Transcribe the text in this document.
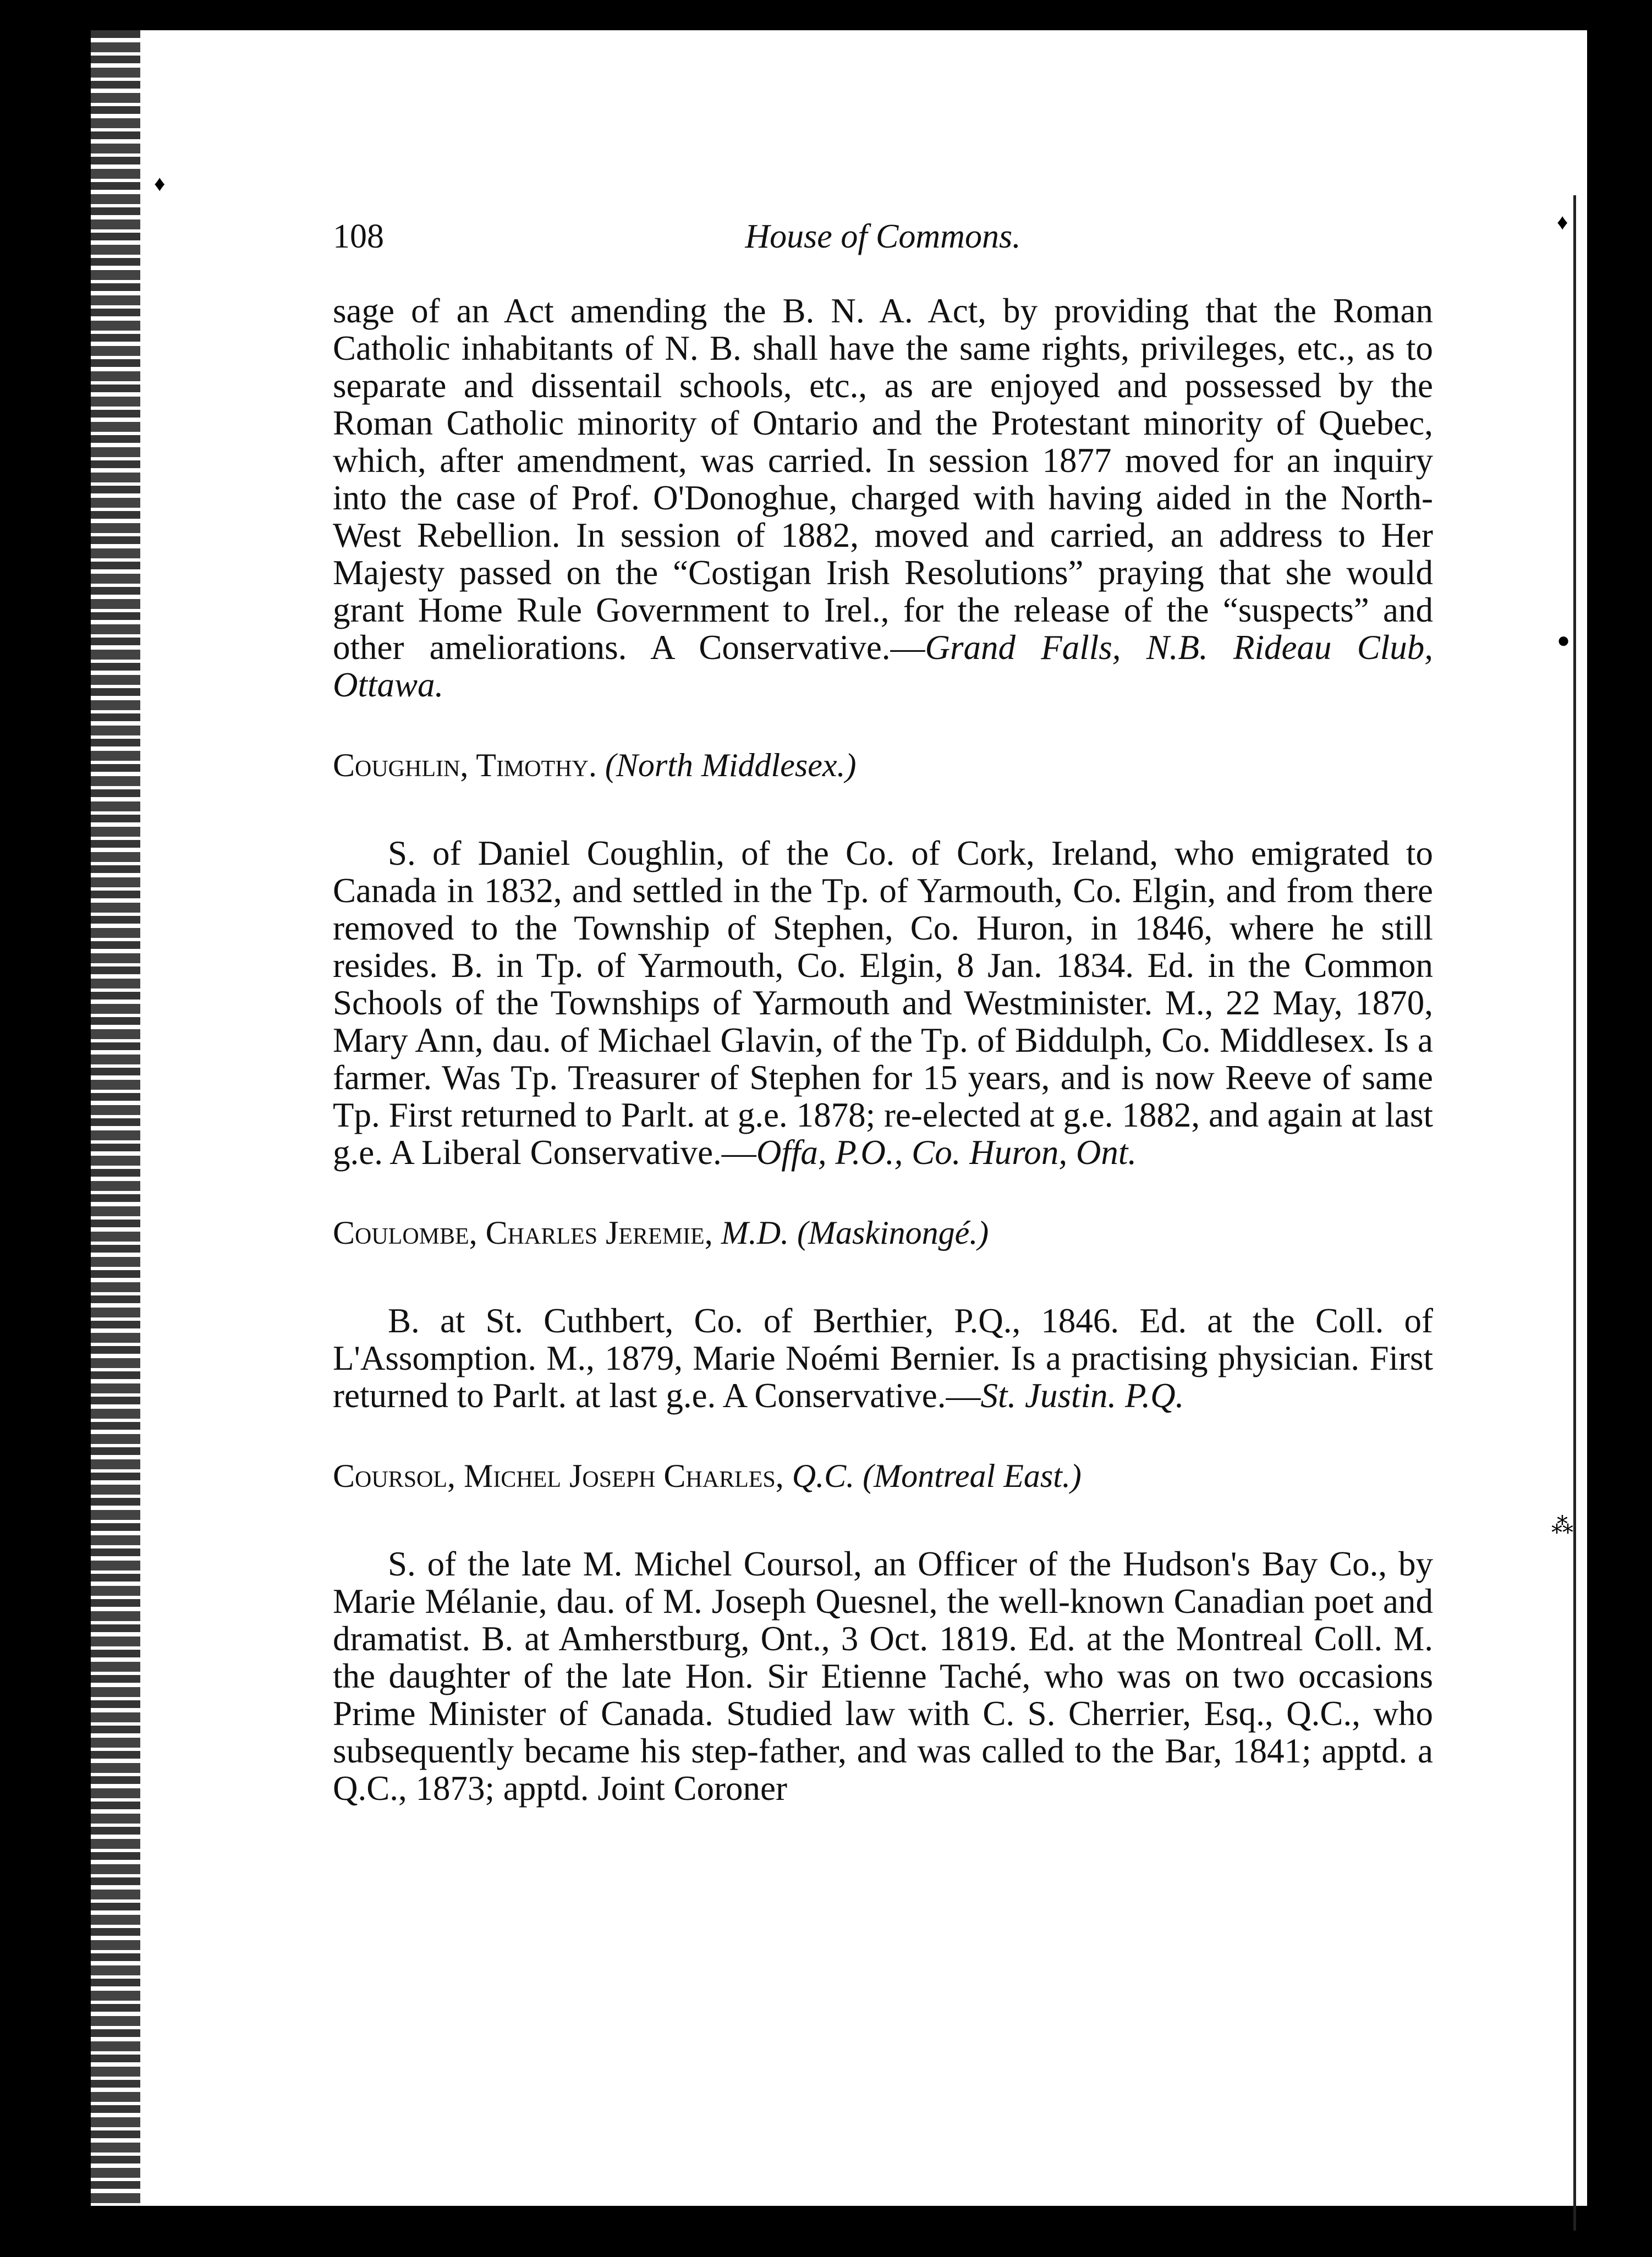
♦
♦
●
⁂
108	House of Commons.

sage of an Act amending the B. N. A. Act, by providing that the Roman Catholic inhabitants of N. B. shall have the same rights, privileges, etc., as to separate and dissentail schools, etc., as are enjoyed and possessed by the Roman Catholic minority of Ontario and the Protestant minority of Quebec, which, after amendment, was carried. In session 1877 moved for an inquiry into the case of Prof. O'Donoghue, charged with having aided in the North-West Rebellion. In session of 1882, moved and carried, an address to Her Majesty passed on the “Costigan Irish Resolutions” praying that she would grant Home Rule Government to Irel., for the release of the “suspects” and other ameliorations. A Conservative.—Grand Falls, N.B. Rideau Club, Ottawa.

Coughlin, Timothy. (North Middlesex.)

S. of Daniel Coughlin, of the Co. of Cork, Ireland, who emigrated to Canada in 1832, and settled in the Tp. of Yarmouth, Co. Elgin, and from there removed to the Township of Stephen, Co. Huron, in 1846, where he still resides. B. in Tp. of Yarmouth, Co. Elgin, 8 Jan. 1834. Ed. in the Common Schools of the Townships of Yarmouth and Westminister. M., 22 May, 1870, Mary Ann, dau. of Michael Glavin, of the Tp. of Biddulph, Co. Middlesex. Is a farmer. Was Tp. Treasurer of Stephen for 15 years, and is now Reeve of same Tp. First returned to Parlt. at g.e. 1878; re-elected at g.e. 1882, and again at last g.e. A Liberal Conservative.—Offa, P.O., Co. Huron, Ont.

Coulombe, Charles Jeremie, M.D. (Maskinongé.)

B. at St. Cuthbert, Co. of Berthier, P.Q., 1846. Ed. at the Coll. of L'Assomption. M., 1879, Marie Noémi Bernier. Is a practising physician. First returned to Parlt. at last g.e. A Conservative.—St. Justin. P.Q.

Coursol, Michel Joseph Charles, Q.C. (Montreal East.)

S. of the late M. Michel Coursol, an Officer of the Hudson's Bay Co., by Marie Mélanie, dau. of M. Joseph Quesnel, the well-known Canadian poet and dramatist. B. at Amherstburg, Ont., 3 Oct. 1819. Ed. at the Montreal Coll. M. the daughter of the late Hon. Sir Etienne Taché, who was on two occasions Prime Minister of Canada. Studied law with C. S. Cherrier, Esq., Q.C., who subsequently became his step-father, and was called to the Bar, 1841; apptd. a Q.C., 1873; apptd. Joint Coroner
